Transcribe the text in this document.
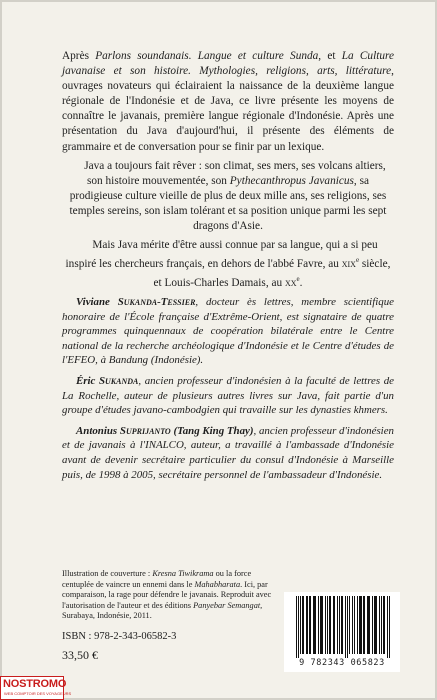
Après Parlons soundanais. Langue et culture Sunda, et La Culture javanaise et son histoire. Mythologies, religions, arts, littérature, ouvrages novateurs qui éclairaient la naissance de la deuxième langue régionale de l'Indonésie et de Java, ce livre présente les moyens de connaître le javanais, première langue régionale d'Indonésie. Après une présentation du Java d'aujourd'hui, il présente des éléments de grammaire et de conversation pour se finir par un lexique.

Java a toujours fait rêver : son climat, ses mers, ses volcans altiers, son histoire mouvementée, son Pythecanthropus Javanicus, sa prodigieuse culture vieille de plus de deux mille ans, ses religions, ses temples sereins, son islam tolérant et sa position unique parmi les sept dragons d'Asie.

Mais Java mérite d'être aussi connue par sa langue, qui a si peu inspiré les chercheurs français, en dehors de l'abbé Favre, au xix$^e$ siècle, et Louis-Charles Damais, au $xx^e$.

Viviane Sukanda-Tessier, docteur ès lettres, membre scientifique honoraire de l'École française d'Extrême-Orient, est signataire de quatre programmes quinquennaux de coopération bilatérale entre le Centre national de la recherche archéologique d'Indonésie et le Centre d'études de l'EFEO, à Bandung (Indonésie).

Éric Sukanda, ancien professeur d'indonésien à la faculté de lettres de La Rochelle, auteur de plusieurs autres livres sur Java, fait partie d'un groupe d'études javano-cambodgien qui travaille sur les dynasties khmers.

Antonius Suprijanto (Tang King Thay), ancien professeur d'indonésien et de javanais à l'INALCO, auteur, a travaillé à l'ambassade d'Indonésie avant de devenir secrétaire particulier du consul d'Indonésie à Marseille puis, de 1998 à 2005, secrétaire personnel de l'ambassadeur d'Indonésie.

Illustration de couverture : Kresna Tiwikrama ou la force centuplée de vaincre un ennemi dans le Mahabharata. Ici, par comparaison, la rage pour défendre le javanais. Reproduit avec l'autorisation de l'auteur et des éditions Panyebar Semangat, Surabaya, Indonésie, 2011.
ISBN : 978-2-343-06582-3
33,50 €
9 782343 065823
NOSTROMO
WEB COMPTOIR DES VOYAGEURS
